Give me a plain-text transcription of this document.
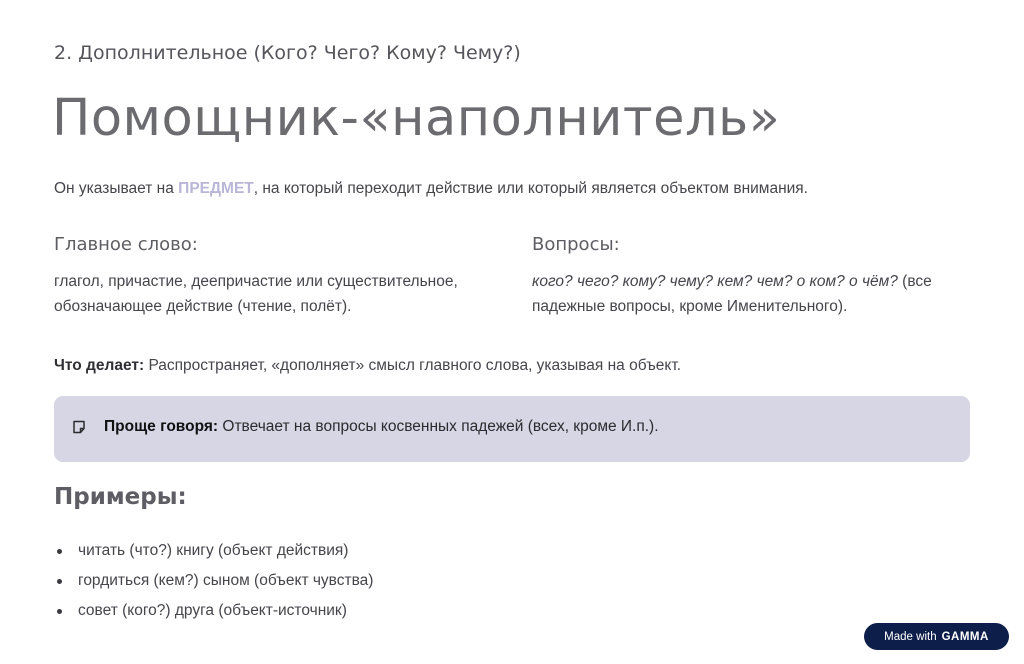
2. Дополнительное (Кого? Чего? Кому? Чему?)
Помощник-«наполнитель»
Он указывает на ПРЕДМЕТ, на который переходит действие или который является объектом внимания.
Главное слово:
глагол, причастие, деепричастие или существительное, обозначающее действие (чтение, полёт).
Вопросы:
кого? чего? кому? чему? кем? чем? о ком? о чём? (все падежные вопросы, кроме Именительного).
Что делает: Распространяет, «дополняет» смысл главного слова, указывая на объект.
Проще говоря: Отвечает на вопросы косвенных падежей (всех, кроме И.п.).
Примеры:
читать (что?) книгу (объект действия)
гордиться (кем?) сыном (объект чувства)
совет (кого?) друга (объект-источник)
Made with GAMMA
